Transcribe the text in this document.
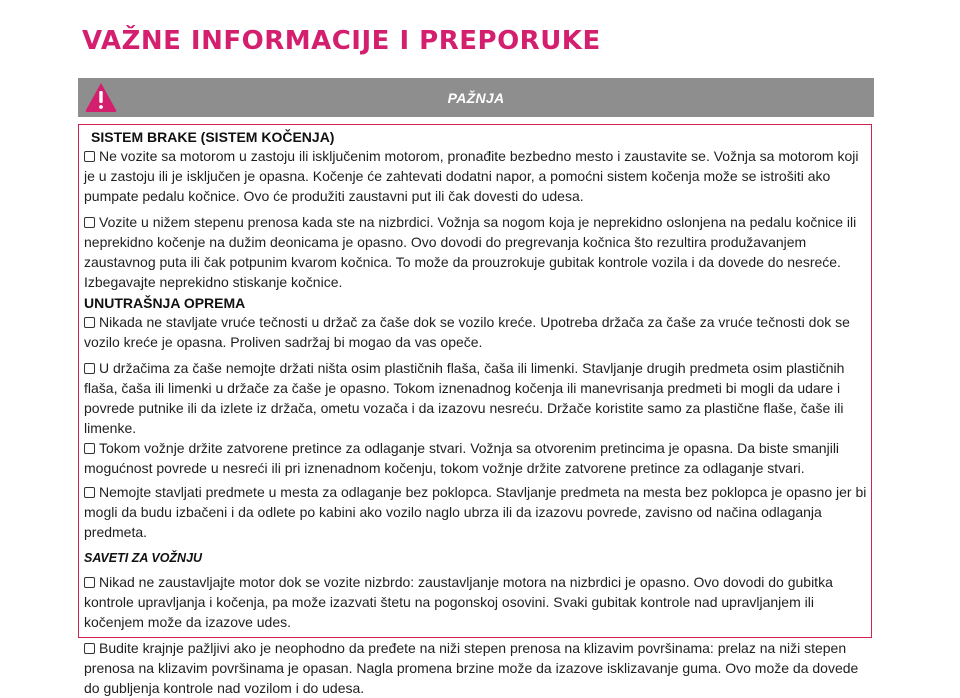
VAŽNE INFORMACIJE I PREPORUKE
PAŽNJA

SISTEM BRAKE (SISTEM KOČENJA)

Ne vozite sa motorom u zastoju ili isključenim motorom, pronađite bezbedno mesto i zaustavite se. Vožnja sa motorom koji je u zastoju ili je isključen je opasna. Kočenje će zahtevati dodatni napor, a pomoćni sistem kočenja može se istrošiti ako pumpate pedalu kočnice. Ovo će produžiti zaustavni put ili čak dovesti do udesa.

Vozite u nižem stepenu prenosa kada ste na nizbrdici. Vožnja sa nogom koja je neprekidno oslonjena na pedalu kočnice ili neprekidno kočenje na dužim deonicama je opasno. Ovo dovodi do pregrevanja kočnica što rezultira produžavanjem zaustavnog puta ili čak potpunim kvarom kočnica. To može da prouzrokuje gubitak kontrole vozila i da dovede do nesreće. Izbegavajte neprekidno stiskanje kočnice.

UNUTRAŠNJA OPREMA

Nikada ne stavljate vruće tečnosti u držač za čaše dok se vozilo kreće. Upotreba držača za čaše za vruće tečnosti dok se vozilo kreće je opasna. Proliven sadržaj bi mogao da vas opeče.

U držačima za čaše nemojte držati ništa osim plastičnih flaša, čaša ili limenki. Stavljanje drugih predmeta osim plastičnih flaša, čaša ili limenki u držače za čaše je opasno. Tokom iznenadnog kočenja ili manevrisanja predmeti bi mogli da udare i povrede putnike ili da izlete iz držača, ometu vozača i da izazovu nesreću. Držače koristite samo za plastične flaše, čaše ili limenke.

Tokom vožnje držite zatvorene pretince za odlaganje stvari. Vožnja sa otvorenim pretincima je opasna. Da biste smanjili mogućnost povrede u nesreći ili pri iznenadnom kočenju, tokom vožnje držite zatvorene pretince za odlaganje stvari.

Nemojte stavljati predmete u mesta za odlaganje bez poklopca. Stavljanje predmeta na mesta bez poklopca je opasno jer bi mogli da budu izbačeni i da odlete po kabini ako vozilo naglo ubrza ili da izazovu povrede, zavisno od načina odlaganja predmeta.

SAVETI ZA VOŽNJU

Nikad ne zaustavljajte motor dok se vozite nizbrdo: zaustavljanje motora na nizbrdici je opasno. Ovo dovodi do gubitka kontrole upravljanja i kočenja, pa može izazvati štetu na pogonskoj osovini. Svaki gubitak kontrole nad upravljanjem ili kočenjem može da izazove udes.

Budite krajnje pažljivi ako je neophodno da pređete na niži stepen prenosa na klizavim površinama: prelaz na niži stepen prenosa na klizavim površinama je opasan. Nagla promena brzine može da izazove isklizavanje guma. Ovo može da dovede do gubljenja kontrole nad vozilom i do udesa.
